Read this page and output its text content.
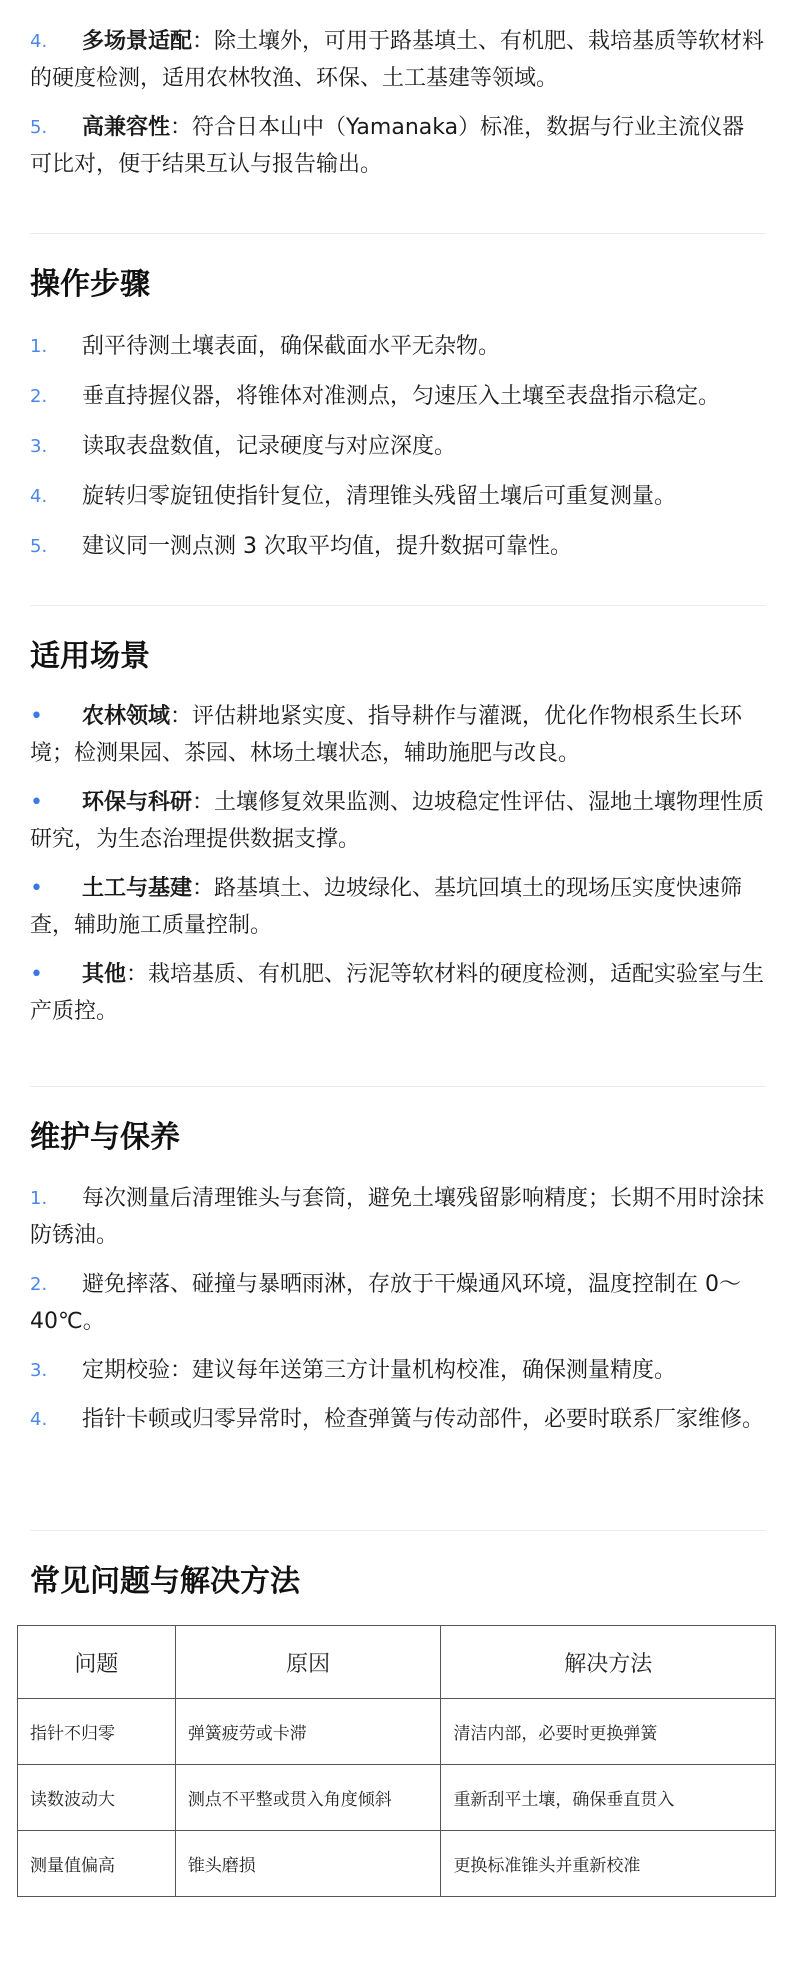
4.	多场景适配：除土壤外，可用于路基填土、有机肥、栽培基质等软材料的硬度检测，适用农林牧渔、环保、土工基建等领域。
5.	高兼容性：符合日本山中（Yamanaka）标准，数据与行业主流仪器可比对，便于结果互认与报告输出。
操作步骤
1.	刮平待测土壤表面，确保截面水平无杂物。
2.	垂直持握仪器，将锥体对准测点，匀速压入土壤至表盘指示稳定。
3.	读取表盘数值，记录硬度与对应深度。
4.	旋转归零旋钮使指针复位，清理锥头残留土壤后可重复测量。
5.	建议同一测点测 3 次取平均值，提升数据可靠性。
适用场景
•	农林领域：评估耕地紧实度、指导耕作与灌溉，优化作物根系生长环境；检测果园、茶园、林场土壤状态，辅助施肥与改良。
•	环保与科研：土壤修复效果监测、边坡稳定性评估、湿地土壤物理性质研究，为生态治理提供数据支撑。
•	土工与基建：路基填土、边坡绿化、基坑回填土的现场压实度快速筛查，辅助施工质量控制。
•	其他：栽培基质、有机肥、污泥等软材料的硬度检测，适配实验室与生产质控。
维护与保养
1.	每次测量后清理锥头与套筒，避免土壤残留影响精度；长期不用时涂抹防锈油。
2.	避免摔落、碰撞与暴晒雨淋，存放于干燥通风环境，温度控制在 0～40℃。
3.	定期校验：建议每年送第三方计量机构校准，确保测量精度。
4.	指针卡顿或归零异常时，检查弹簧与传动部件，必要时联系厂家维修。
常见问题与解决方法
问题	原因	解决方法
指针不归零	弹簧疲劳或卡滞	清洁内部，必要时更换弹簧
读数波动大	测点不平整或贯入角度倾斜	重新刮平土壤，确保垂直贯入
测量值偏高	锥头磨损	更换标准锥头并重新校准
